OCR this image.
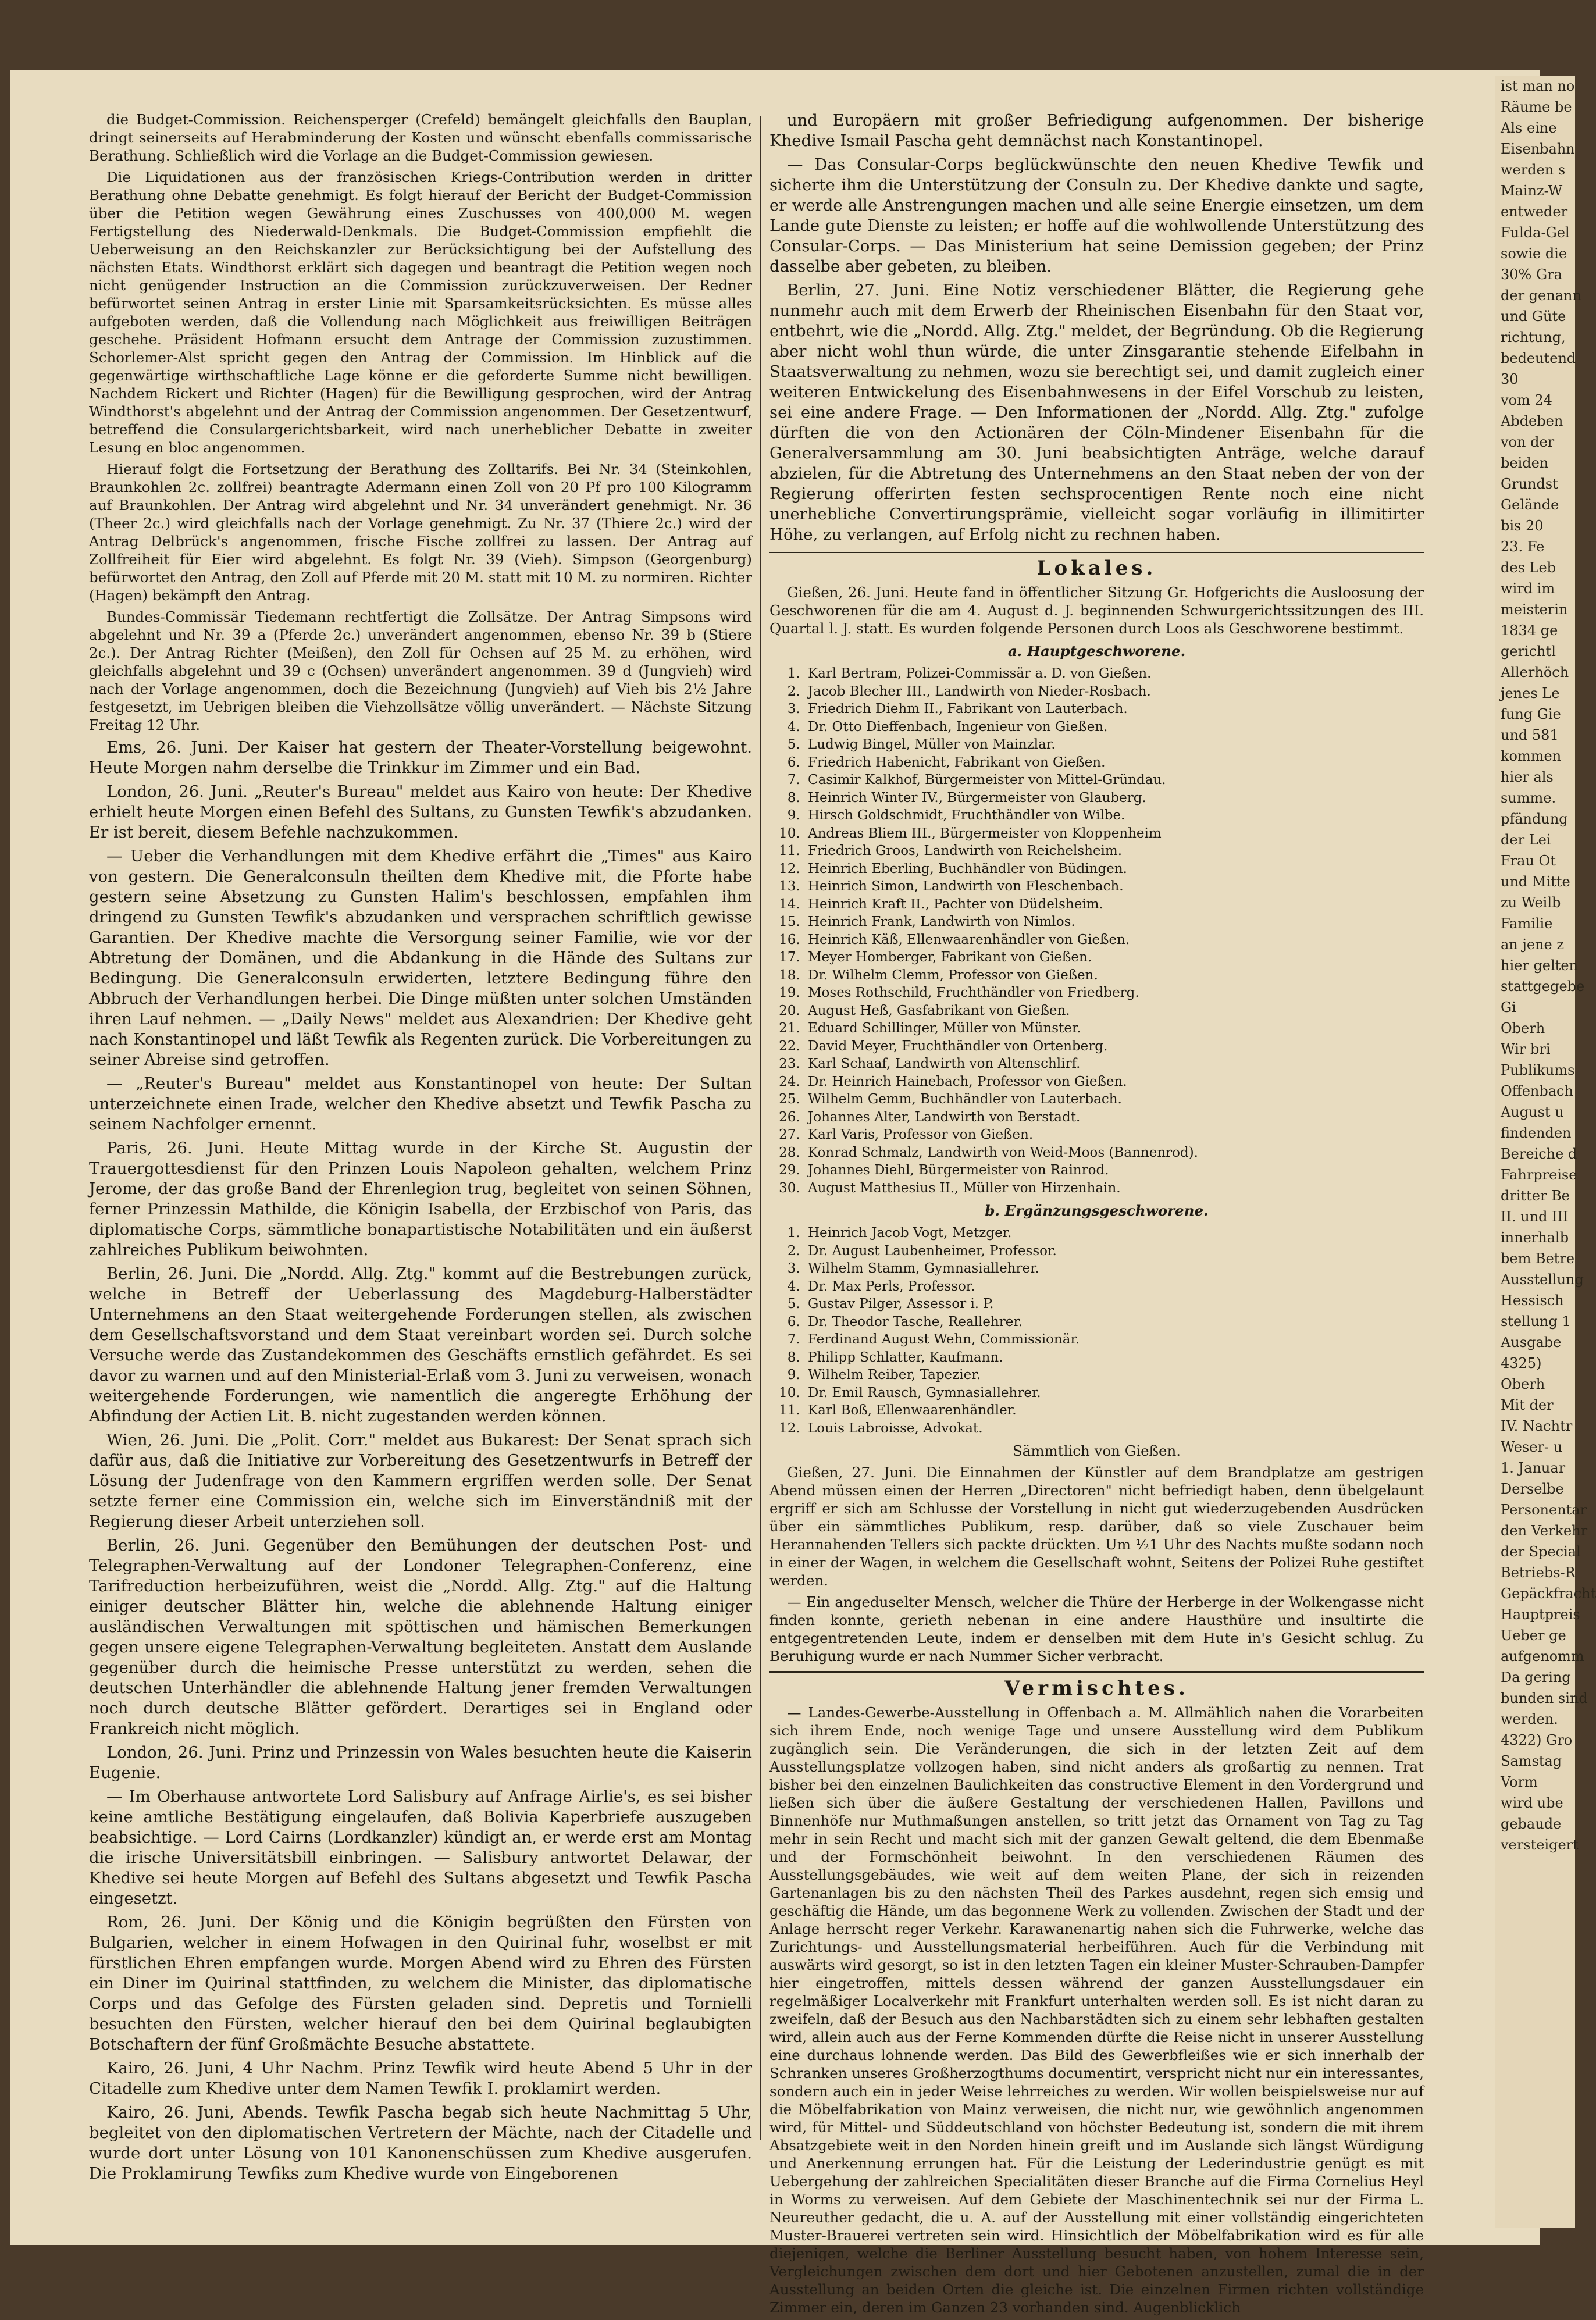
die Budget-Commission. Reichensperger (Crefeld) bemängelt gleichfalls den Bauplan, dringt seinerseits auf Herabminderung der Kosten und wünscht ebenfalls commissarische Berathung. Schließlich wird die Vorlage an die Budget-Commission gewiesen.

Die Liquidationen aus der französischen Kriegs-Contribution werden in dritter Berathung ohne Debatte genehmigt. Es folgt hierauf der Bericht der Budget-Commission über die Petition wegen Gewährung eines Zuschusses von 400,000 M. wegen Fertigstellung des Niederwald-Denkmals. Die Budget-Commission empfiehlt die Ueberweisung an den Reichskanzler zur Berücksichtigung bei der Aufstellung des nächsten Etats. Windthorst erklärt sich dagegen und beantragt die Petition wegen noch nicht genügender Instruction an die Commission zurückzuverweisen. Der Redner befürwortet seinen Antrag in erster Linie mit Sparsamkeitsrücksichten. Es müsse alles aufgeboten werden, daß die Vollendung nach Möglichkeit aus freiwilligen Beiträgen geschehe. Präsident Hofmann ersucht dem Antrage der Commission zuzustimmen. Schorlemer-Alst spricht gegen den Antrag der Commission. Im Hinblick auf die gegenwärtige wirthschaftliche Lage könne er die geforderte Summe nicht bewilligen. Nachdem Rickert und Richter (Hagen) für die Bewilligung gesprochen, wird der Antrag Windthorst's abgelehnt und der Antrag der Commission angenommen. Der Gesetzentwurf, betreffend die Consulargerichtsbarkeit, wird nach unerheblicher Debatte in zweiter Lesung en bloc angenommen.

Hierauf folgt die Fortsetzung der Berathung des Zolltarifs. Bei Nr. 34 (Steinkohlen, Braunkohlen 2c. zollfrei) beantragte Adermann einen Zoll von 20 Pf pro 100 Kilogramm auf Braunkohlen. Der Antrag wird abgelehnt und Nr. 34 unverändert genehmigt. Nr. 36 (Theer 2c.) wird gleichfalls nach der Vorlage genehmigt. Zu Nr. 37 (Thiere 2c.) wird der Antrag Delbrück's angenommen, frische Fische zollfrei zu lassen. Der Antrag auf Zollfreiheit für Eier wird abgelehnt. Es folgt Nr. 39 (Vieh). Simpson (Georgenburg) befürwortet den Antrag, den Zoll auf Pferde mit 20 M. statt mit 10 M. zu normiren. Richter (Hagen) bekämpft den Antrag.

Bundes-Commissär Tiedemann rechtfertigt die Zollsätze. Der Antrag Simpsons wird abgelehnt und Nr. 39 a (Pferde 2c.) unverändert angenommen, ebenso Nr. 39 b (Stiere 2c.). Der Antrag Richter (Meißen), den Zoll für Ochsen auf 25 M. zu erhöhen, wird gleichfalls abgelehnt und 39 c (Ochsen) unverändert angenommen. 39 d (Jungvieh) wird nach der Vorlage angenommen, doch die Bezeichnung (Jungvieh) auf Vieh bis 2½ Jahre festgesetzt, im Uebrigen bleiben die Viehzollsätze völlig unverändert. — Nächste Sitzung Freitag 12 Uhr.

Ems, 26. Juni. Der Kaiser hat gestern der Theater-Vorstellung beigewohnt. Heute Morgen nahm derselbe die Trinkkur im Zimmer und ein Bad.

London, 26. Juni. „Reuter's Bureau" meldet aus Kairo von heute: Der Khedive erhielt heute Morgen einen Befehl des Sultans, zu Gunsten Tewfik's abzudanken. Er ist bereit, diesem Befehle nachzukommen.

— Ueber die Verhandlungen mit dem Khedive erfährt die „Times" aus Kairo von gestern. Die Generalconsuln theilten dem Khedive mit, die Pforte habe gestern seine Absetzung zu Gunsten Halim's beschlossen, empfahlen ihm dringend zu Gunsten Tewfik's abzudanken und versprachen schriftlich gewisse Garantien. Der Khedive machte die Versorgung seiner Familie, wie vor der Abtretung der Domänen, und die Abdankung in die Hände des Sultans zur Bedingung. Die Generalconsuln erwiderten, letztere Bedingung führe den Abbruch der Verhandlungen herbei. Die Dinge müßten unter solchen Umständen ihren Lauf nehmen. — „Daily News" meldet aus Alexandrien: Der Khedive geht nach Konstantinopel und läßt Tewfik als Regenten zurück. Die Vorbereitungen zu seiner Abreise sind getroffen.

— „Reuter's Bureau" meldet aus Konstantinopel von heute: Der Sultan unterzeichnete einen Irade, welcher den Khedive absetzt und Tewfik Pascha zu seinem Nachfolger ernennt.

Paris, 26. Juni. Heute Mittag wurde in der Kirche St. Augustin der Trauergottesdienst für den Prinzen Louis Napoleon gehalten, welchem Prinz Jerome, der das große Band der Ehrenlegion trug, begleitet von seinen Söhnen, ferner Prinzessin Mathilde, die Königin Isabella, der Erzbischof von Paris, das diplomatische Corps, sämmtliche bonapartistische Notabilitäten und ein äußerst zahlreiches Publikum beiwohnten.

Berlin, 26. Juni. Die „Nordd. Allg. Ztg." kommt auf die Bestrebungen zurück, welche in Betreff der Ueberlassung des Magdeburg-Halberstädter Unternehmens an den Staat weitergehende Forderungen stellen, als zwischen dem Gesellschaftsvorstand und dem Staat vereinbart worden sei. Durch solche Versuche werde das Zustandekommen des Geschäfts ernstlich gefährdet. Es sei davor zu warnen und auf den Ministerial-Erlaß vom 3. Juni zu verweisen, wonach weitergehende Forderungen, wie namentlich die angeregte Erhöhung der Abfindung der Actien Lit. B. nicht zugestanden werden können.

Wien, 26. Juni. Die „Polit. Corr." meldet aus Bukarest: Der Senat sprach sich dafür aus, daß die Initiative zur Vorbereitung des Gesetzentwurfs in Betreff der Lösung der Judenfrage von den Kammern ergriffen werden solle. Der Senat setzte ferner eine Commission ein, welche sich im Einverständniß mit der Regierung dieser Arbeit unterziehen soll.

Berlin, 26. Juni. Gegenüber den Bemühungen der deutschen Post- und Telegraphen-Verwaltung auf der Londoner Telegraphen-Conferenz, eine Tarifreduction herbeizuführen, weist die „Nordd. Allg. Ztg." auf die Haltung einiger deutscher Blätter hin, welche die ablehnende Haltung einiger ausländischen Verwaltungen mit spöttischen und hämischen Bemerkungen gegen unsere eigene Telegraphen-Verwaltung begleiteten. Anstatt dem Auslande gegenüber durch die heimische Presse unterstützt zu werden, sehen die deutschen Unterhändler die ablehnende Haltung jener fremden Verwaltungen noch durch deutsche Blätter gefördert. Derartiges sei in England oder Frankreich nicht möglich.

London, 26. Juni. Prinz und Prinzessin von Wales besuchten heute die Kaiserin Eugenie.

— Im Oberhause antwortete Lord Salisbury auf Anfrage Airlie's, es sei bisher keine amtliche Bestätigung eingelaufen, daß Bolivia Kaperbriefe auszugeben beabsichtige. — Lord Cairns (Lordkanzler) kündigt an, er werde erst am Montag die irische Universitätsbill einbringen. — Salisbury antwortet Delawar, der Khedive sei heute Morgen auf Befehl des Sultans abgesetzt und Tewfik Pascha eingesetzt.

Rom, 26. Juni. Der König und die Königin begrüßten den Fürsten von Bulgarien, welcher in einem Hofwagen in den Quirinal fuhr, woselbst er mit fürstlichen Ehren empfangen wurde. Morgen Abend wird zu Ehren des Fürsten ein Diner im Quirinal stattfinden, zu welchem die Minister, das diplomatische Corps und das Gefolge des Fürsten geladen sind. Depretis und Tornielli besuchten den Fürsten, welcher hierauf den bei dem Quirinal beglaubigten Botschaftern der fünf Großmächte Besuche abstattete.

Kairo, 26. Juni, 4 Uhr Nachm. Prinz Tewfik wird heute Abend 5 Uhr in der Citadelle zum Khedive unter dem Namen Tewfik I. proklamirt werden.

Kairo, 26. Juni, Abends. Tewfik Pascha begab sich heute Nachmittag 5 Uhr, begleitet von den diplomatischen Vertretern der Mächte, nach der Citadelle und wurde dort unter Lösung von 101 Kanonenschüssen zum Khedive ausgerufen. Die Proklamirung Tewfiks zum Khedive wurde von Eingeborenen

und Europäern mit großer Befriedigung aufgenommen. Der bisherige Khedive Ismail Pascha geht demnächst nach Konstantinopel.

— Das Consular-Corps beglückwünschte den neuen Khedive Tewfik und sicherte ihm die Unterstützung der Consuln zu. Der Khedive dankte und sagte, er werde alle Anstrengungen machen und alle seine Energie einsetzen, um dem Lande gute Dienste zu leisten; er hoffe auf die wohlwollende Unterstützung des Consular-Corps. — Das Ministerium hat seine Demission gegeben; der Prinz dasselbe aber gebeten, zu bleiben.

Berlin, 27. Juni. Eine Notiz verschiedener Blätter, die Regierung gehe nunmehr auch mit dem Erwerb der Rheinischen Eisenbahn für den Staat vor, entbehrt, wie die „Nordd. Allg. Ztg." meldet, der Begründung. Ob die Regierung aber nicht wohl thun würde, die unter Zinsgarantie stehende Eifelbahn in Staatsverwaltung zu nehmen, wozu sie berechtigt sei, und damit zugleich einer weiteren Entwickelung des Eisenbahnwesens in der Eifel Vorschub zu leisten, sei eine andere Frage. — Den Informationen der „Nordd. Allg. Ztg." zufolge dürften die von den Actionären der Cöln-Mindener Eisenbahn für die Generalversammlung am 30. Juni beabsichtigten Anträge, welche darauf abzielen, für die Abtretung des Unternehmens an den Staat neben der von der Regierung offerirten festen sechsprocentigen Rente noch eine nicht unerhebliche Convertirungsprämie, vielleicht sogar vorläufig in illimitirter Höhe, zu verlangen, auf Erfolg nicht zu rechnen haben.

Lokales.

Gießen, 26. Juni. Heute fand in öffentlicher Sitzung Gr. Hofgerichts die Ausloosung der Geschworenen für die am 4. August d. J. beginnenden Schwurgerichtssitzungen des III. Quartal l. J. statt. Es wurden folgende Personen durch Loos als Geschworene bestimmt.

a. Hauptgeschworene.
1. Karl Bertram, Polizei-Commissär a. D. von Gießen.
2. Jacob Blecher III., Landwirth von Nieder-Rosbach.
3. Friedrich Diehm II., Fabrikant von Lauterbach.
4. Dr. Otto Dieffenbach, Ingenieur von Gießen.
5. Ludwig Bingel, Müller von Mainzlar.
6. Friedrich Habenicht, Fabrikant von Gießen.
7. Casimir Kalkhof, Bürgermeister von Mittel-Gründau.
8. Heinrich Winter IV., Bürgermeister von Glauberg.
9. Hirsch Goldschmidt, Fruchthändler von Wilbe.
10. Andreas Bliem III., Bürgermeister von Kloppenheim
11. Friedrich Groos, Landwirth von Reichelsheim.
12. Heinrich Eberling, Buchhändler von Büdingen.
13. Heinrich Simon, Landwirth von Fleschenbach.
14. Heinrich Kraft II., Pachter von Düdelsheim.
15. Heinrich Frank, Landwirth von Nimlos.
16. Heinrich Käß, Ellenwaarenhändler von Gießen.
17. Meyer Homberger, Fabrikant von Gießen.
18. Dr. Wilhelm Clemm, Professor von Gießen.
19. Moses Rothschild, Fruchthändler von Friedberg.
20. August Heß, Gasfabrikant von Gießen.
21. Eduard Schillinger, Müller von Münster.
22. David Meyer, Fruchthändler von Ortenberg.
23. Karl Schaaf, Landwirth von Altenschlirf.
24. Dr. Heinrich Hainebach, Professor von Gießen.
25. Wilhelm Gemm, Buchhändler von Lauterbach.
26. Johannes Alter, Landwirth von Berstadt.
27. Karl Varis, Professor von Gießen.
28. Konrad Schmalz, Landwirth von Weid-Moos (Bannenrod).
29. Johannes Diehl, Bürgermeister von Rainrod.
30. August Matthesius II., Müller von Hirzenhain.
b. Ergänzungsgeschworene.
1. Heinrich Jacob Vogt, Metzger.
2. Dr. August Laubenheimer, Professor.
3. Wilhelm Stamm, Gymnasiallehrer.
4. Dr. Max Perls, Professor.
5. Gustav Pilger, Assessor i. P.
6. Dr. Theodor Tasche, Reallehrer.
7. Ferdinand August Wehn, Commissionär.
8. Philipp Schlatter, Kaufmann.
9. Wilhelm Reiber, Tapezier.
10. Dr. Emil Rausch, Gymnasiallehrer.
11. Karl Boß, Ellenwaarenhändler.
12. Louis Labroisse, Advokat.

Sämmtlich von Gießen.

Gießen, 27. Juni. Die Einnahmen der Künstler auf dem Brandplatze am gestrigen Abend müssen einen der Herren „Directoren" nicht befriedigt haben, denn übelgelaunt ergriff er sich am Schlusse der Vorstellung in nicht gut wiederzugebenden Ausdrücken über ein sämmtliches Publikum, resp. darüber, daß so viele Zuschauer beim Herannahenden Tellers sich packte drückten. Um ½1 Uhr des Nachts mußte sodann noch in einer der Wagen, in welchem die Gesellschaft wohnt, Seitens der Polizei Ruhe gestiftet werden.

— Ein angeduselter Mensch, welcher die Thüre der Herberge in der Wolkengasse nicht finden konnte, gerieth nebenan in eine andere Hausthüre und insultirte die entgegentretenden Leute, indem er denselben mit dem Hute in's Gesicht schlug. Zu Beruhigung wurde er nach Nummer Sicher verbracht.

Vermischtes.

— Landes-Gewerbe-Ausstellung in Offenbach a. M. Allmählich nahen die Vorarbeiten sich ihrem Ende, noch wenige Tage und unsere Ausstellung wird dem Publikum zugänglich sein. Die Veränderungen, die sich in der letzten Zeit auf dem Ausstellungsplatze vollzogen haben, sind nicht anders als großartig zu nennen. Trat bisher bei den einzelnen Baulichkeiten das constructive Element in den Vordergrund und ließen sich über die äußere Gestaltung der verschiedenen Hallen, Pavillons und Binnenhöfe nur Muthmaßungen anstellen, so tritt jetzt das Ornament von Tag zu Tag mehr in sein Recht und macht sich mit der ganzen Gewalt geltend, die dem Ebenmaße und der Formschönheit beiwohnt. In den verschiedenen Räumen des Ausstellungsgebäudes, wie weit auf dem weiten Plane, der sich in reizenden Gartenanlagen bis zu den nächsten Theil des Parkes ausdehnt, regen sich emsig und geschäftig die Hände, um das begonnene Werk zu vollenden. Zwischen der Stadt und der Anlage herrscht reger Verkehr. Karawanenartig nahen sich die Fuhrwerke, welche das Zurichtungs- und Ausstellungsmaterial herbeiführen. Auch für die Verbindung mit auswärts wird gesorgt, so ist in den letzten Tagen ein kleiner Muster-Schrauben-Dampfer hier eingetroffen, mittels dessen während der ganzen Ausstellungsdauer ein regelmäßiger Localverkehr mit Frankfurt unterhalten werden soll. Es ist nicht daran zu zweifeln, daß der Besuch aus den Nachbarstädten sich zu einem sehr lebhaften gestalten wird, allein auch aus der Ferne Kommenden dürfte die Reise nicht in unserer Ausstellung eine durchaus lohnende werden. Das Bild des Gewerbfleißes wie er sich innerhalb der Schranken unseres Großherzogthums documentirt, verspricht nicht nur ein interessantes, sondern auch ein in jeder Weise lehrreiches zu werden. Wir wollen beispielsweise nur auf die Möbelfabrikation von Mainz verweisen, die nicht nur, wie gewöhnlich angenommen wird, für Mittel- und Süddeutschland von höchster Bedeutung ist, sondern die mit ihrem Absatzgebiete weit in den Norden hinein greift und im Auslande sich längst Würdigung und Anerkennung errungen hat. Für die Leistung der Lederindustrie genügt es mit Uebergehung der zahlreichen Specialitäten dieser Branche auf die Firma Cornelius Heyl in Worms zu verweisen. Auf dem Gebiete der Maschinentechnik sei nur der Firma L. Neureuther gedacht, die u. A. auf der Ausstellung mit einer vollständig eingerichteten Muster-Brauerei vertreten sein wird. Hinsichtlich der Möbelfabrikation wird es für alle diejenigen, welche die Berliner Ausstellung besucht haben, von hohem Interesse sein, Vergleichungen zwischen dem dort und hier Gebotenen anzustellen, zumal die in der Ausstellung an beiden Orten die gleiche ist. Die einzelnen Firmen richten vollständige Zimmer ein, deren im Ganzen 23 vorhanden sind. Augenblicklich

ist man no
Räume be
Als eine
Eisenbahn
werden s
Mainz-W
entweder
Fulda-Gel
sowie die
30% Gra
der genann
und Güte
richtung,
bedeutend
30
vom 24
Abdeben
von der
beiden
Grundst
Gelände
bis 20
23. Fe
des Leb
wird im
meisterin
1834 ge
gerichtl
Allerhöch
jenes Le
fung Gie
und 581
kommen
hier als
summe.
pfändung
der Lei
Frau Ot
und Mitte
zu Weilb
Familie
an jene z
hier gelten
stattgegebe
Gi
Oberh
Wir bri
Publikums
Offenbach
August u
findenden
Bereiche d
Fahrpreise
dritter Be
II. und III
innerhalb
bem Betre
Ausstellung
Hessisch
stellung 1
Ausgabe
4325)
Oberh
Mit der
IV. Nachtr
Weser- u
1. Januar
Derselbe
Personentar
den Verkehr
der Special
Betriebs-R
Gepäckfracht
Hauptpreis
Ueber ge
aufgenomm
Da gering
bunden sind
werden.
4322) Gro
Samstag
Vorm
wird ube
gebaude
versteigert
